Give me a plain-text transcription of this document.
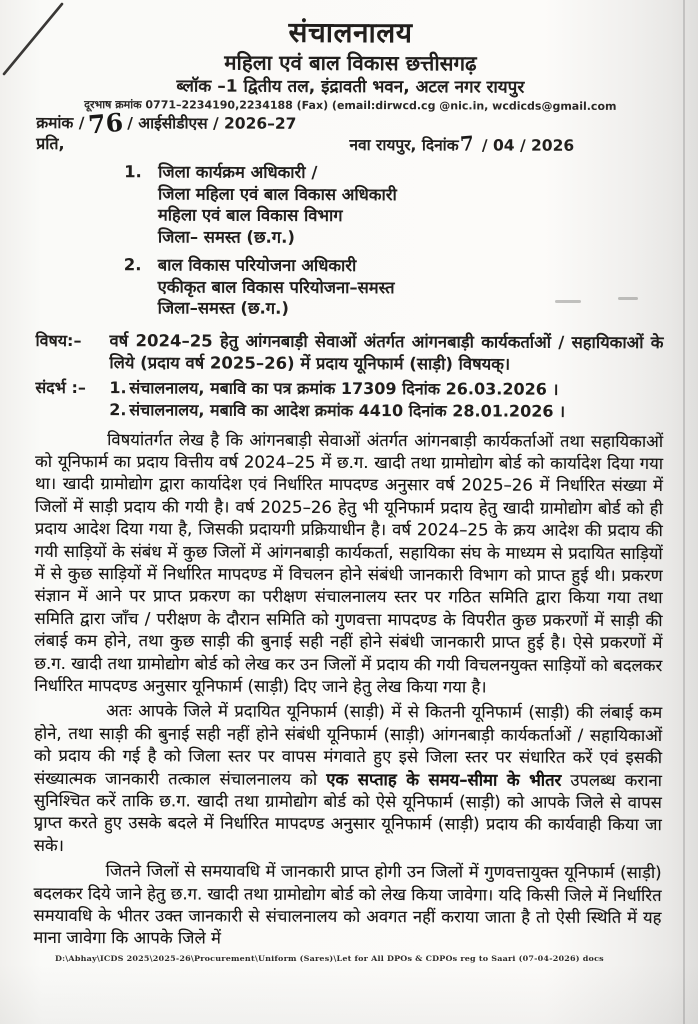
संचालनालय
महिला एवं बाल विकास छत्तीसगढ़
ब्लॉक –1 द्वितीय तल, इंद्रावती भवन, अटल नगर रायपुर
दूरभाष क्रमांक 0771–2234190,2234188 (Fax) (email:dirwcd.cg @nic.in, wcdicds@gmail.com
क्रमांक / 76 / आईसीडीएस / 2026–27
प्रति,	नवा रायपुर, दिनांक7 / 04 / 2026
1. जिला कार्यक्रम अधिकारी /
जिला महिला एवं बाल विकास अधिकारी
महिला एवं बाल विकास विभाग
जिला– समस्त (छ.ग.)
2. बाल विकास परियोजना अधिकारी
एकीकृत बाल विकास परियोजना–समस्त
जिला–समस्त (छ.ग.)
विषय:–	वर्ष 2024–25 हेतु आंगनबाड़ी सेवाओं अंतर्गत आंगनबाड़ी कार्यकर्ताओं / सहायिकाओं के लिये (प्रदाय वर्ष 2025–26) में प्रदाय यूनिफार्म (साड़ी) विषयक्।
संदर्भ :–	1. संचालनालय, मबावि का पत्र क्रमांक 17309 दिनांक 26.03.2026 ।
2. संचालनालय, मबावि का आदेश क्रमांक 4410 दिनांक 28.01.2026 ।
विषयांतर्गत लेख है कि आंगनबाड़ी सेवाओं अंतर्गत आंगनबाड़ी कार्यकर्ताओं तथा सहायिकाओं को यूनिफार्म का प्रदाय वित्तीय वर्ष 2024–25 में छ.ग. खादी तथा ग्रामोद्योग बोर्ड को कार्यादेश दिया गया था। खादी ग्रामोद्योग द्वारा कार्यादेश एवं निर्धारित मापदण्ड अनुसार वर्ष 2025–26 में निर्धारित संख्या में जिलों में साड़ी प्रदाय की गयी है। वर्ष 2025–26 हेतु भी यूनिफार्म प्रदाय हेतु खादी ग्रामोद्योग बोर्ड को ही प्रदाय आदेश दिया गया है, जिसकी प्रदायगी प्रक्रियाधीन है। वर्ष 2024–25 के क्रय आदेश की प्रदाय की गयी साड़ियों के संबंध में कुछ जिलों में आंगनबाड़ी कार्यकर्ता, सहायिका संघ के माध्यम से प्रदायित साड़ियों में से कुछ साड़ियों में निर्धारित मापदण्ड में विचलन होने संबंधी जानकारी विभाग को प्राप्त हुई थी। प्रकरण संज्ञान में आने पर प्राप्त प्रकरण का परीक्षण संचालनालय स्तर पर गठित समिति द्वारा किया गया तथा समिति द्वारा जाँच / परीक्षण के दौरान समिति को गुणवत्ता मापदण्ड के विपरीत कुछ प्रकरणों में साड़ी की लंबाई कम होने, तथा कुछ साड़ी की बुनाई सही नहीं होने संबंधी जानकारी प्राप्त हुई है। ऐसे प्रकरणों में छ.ग. खादी तथा ग्रामोद्योग बोर्ड को लेख कर उन जिलों में प्रदाय की गयी विचलनयुक्त साड़ियों को बदलकर निर्धारित मापदण्ड अनुसार यूनिफार्म (साड़ी) दिए जाने हेतु लेख किया गया है।
अतः आपके जिले में प्रदायित यूनिफार्म (साड़ी) में से कितनी यूनिफार्म (साड़ी) की लंबाई कम होने, तथा साड़ी की बुनाई सही नहीं होने संबंधी यूनिफार्म (साड़ी) आंगनबाड़ी कार्यकर्ताओं / सहायिकाओं को प्रदाय की गई है को जिला स्तर पर वापस मंगवाते हुए इसे जिला स्तर पर संधारित करें एवं इसकी संख्यात्मक जानकारी तत्काल संचालनालय को एक सप्ताह के समय–सीमा के भीतर उपलब्ध कराना सुनिश्चित करें ताकि छ.ग. खादी तथा ग्रामोद्योग बोर्ड को ऐसे यूनिफार्म (साड़ी) को आपके जिले से वापस प्राप्त करते हुए उसके बदले में निर्धारित मापदण्ड अनुसार यूनिफार्म (साड़ी) प्रदाय की कार्यवाही किया जा सके।
जितने जिलों से समयावधि में जानकारी प्राप्त होगी उन जिलों में गुणवत्तायुक्त यूनिफार्म (साड़ी) बदलकर दिये जाने हेतु छ.ग. खादी तथा ग्रामोद्योग बोर्ड को लेख किया जावेगा। यदि किसी जिले में निर्धारित समयावधि के भीतर उक्त जानकारी से संचालनालय को अवगत नहीं कराया जाता है तो ऐसी स्थिति में यह माना जावेगा कि आपके जिले में
D:\Abhay\ICDS 2025\2025-26\Procurement\Uniform (Sares)\Let for All DPOs & CDPOs reg to Saari (07-04-2026) docs
